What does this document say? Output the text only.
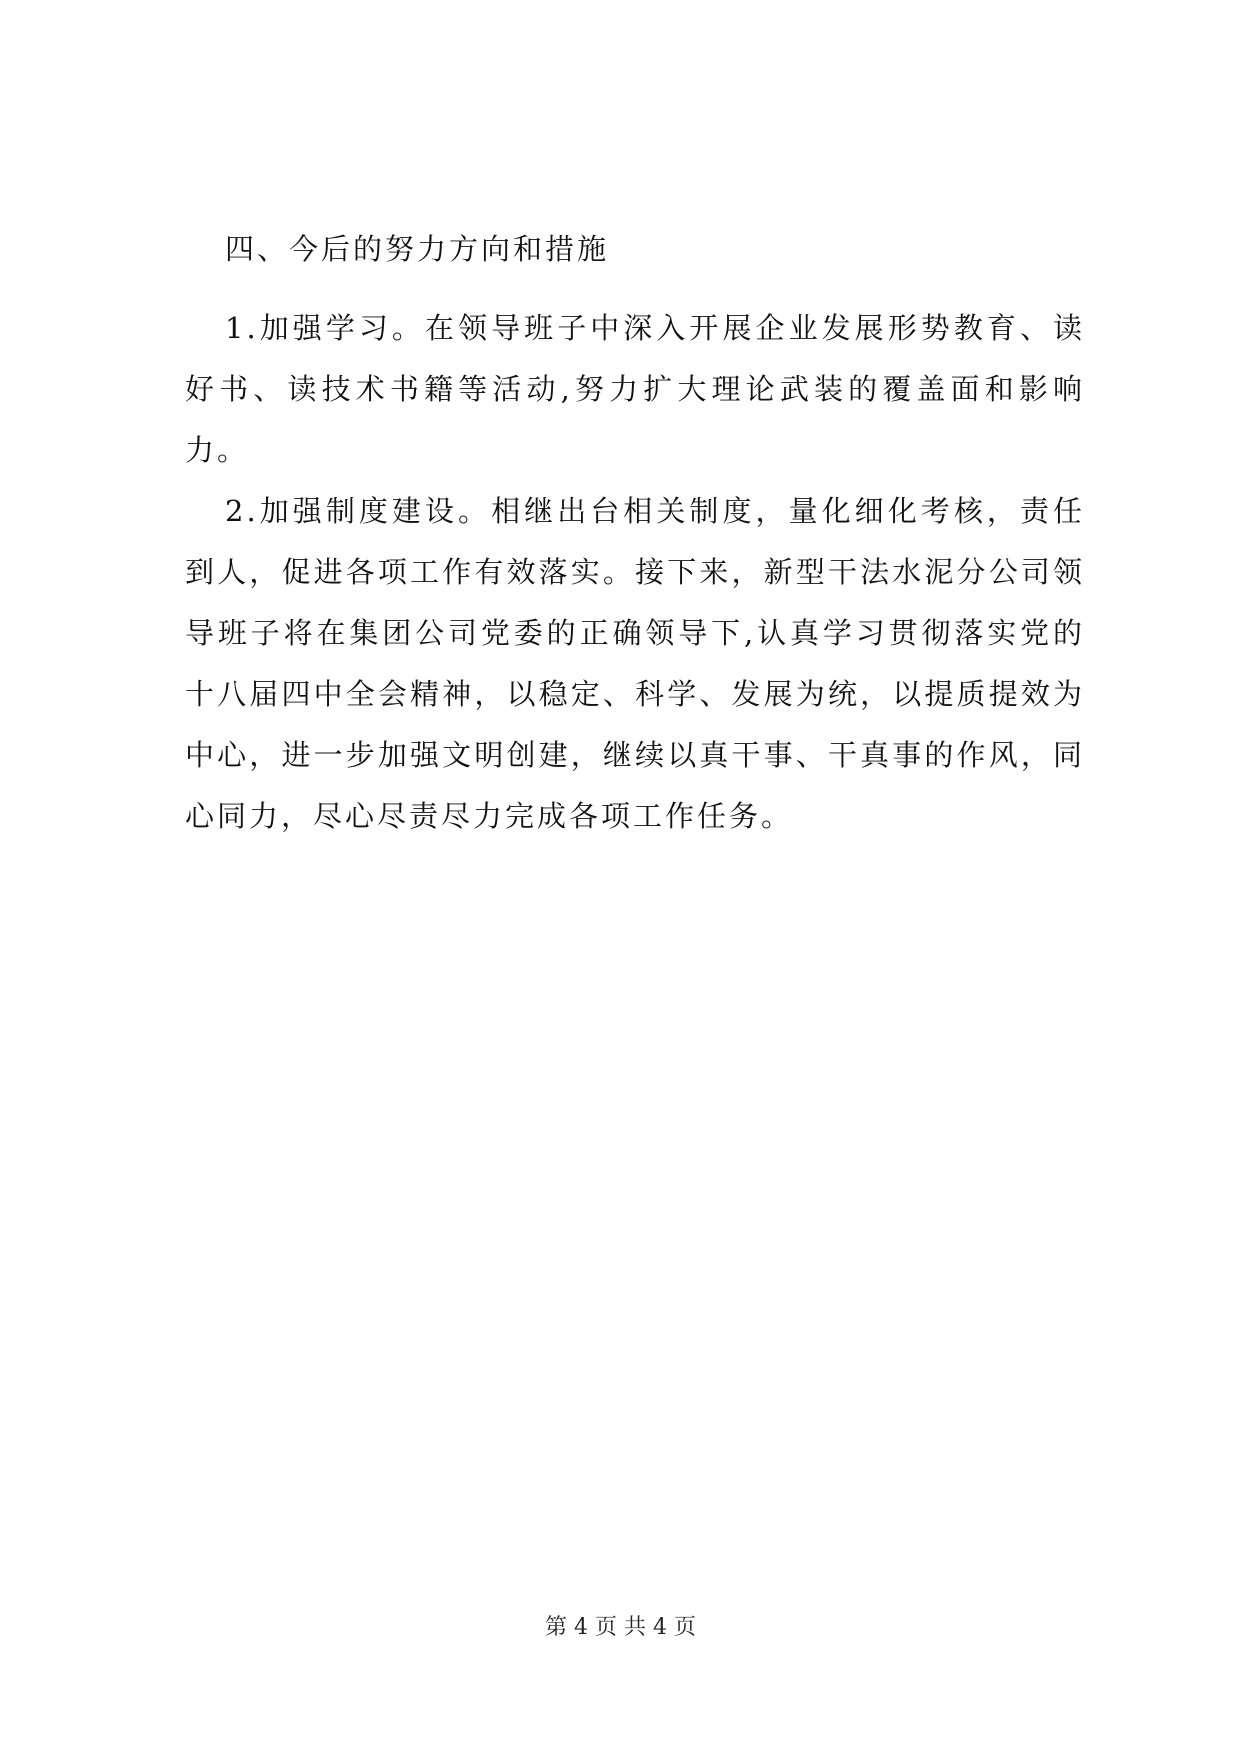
四、今后的努力方向和措施

1.加强学习。在领导班子中深入开展企业发展形势教育、读好书、读技术书籍等活动,努力扩大理论武装的覆盖面和影响力。

2.加强制度建设。相继出台相关制度，量化细化考核，责任到人，促进各项工作有效落实。接下来，新型干法水泥分公司领导班子将在集团公司党委的正确领导下,认真学习贯彻落实党的十八届四中全会精神，以稳定、科学、发展为统，以提质提效为中心，进一步加强文明创建，继续以真干事、干真事的作风，同心同力，尽心尽责尽力完成各项工作任务。

第 4 页 共 4 页
